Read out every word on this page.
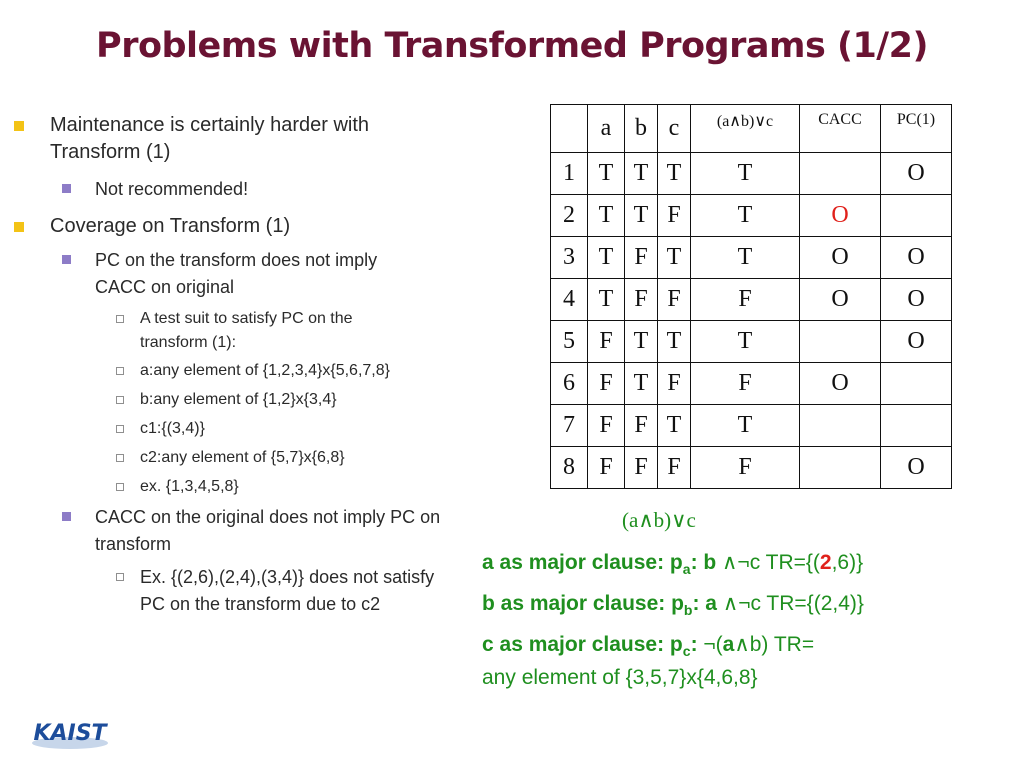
Problems with Transformed Programs (1/2)
Maintenance is certainly harder with Transform (1)
Not recommended!
Coverage on Transform (1)
PC on the transform does not imply CACC on original
A test suit to satisfy PC on the transform (1):
a:any element of {1,2,3,4}x{5,6,7,8}
b:any element of {1,2}x{3,4}
c1:{(3,4)}
c2:any element of {5,7}x{6,8}
ex. {1,3,4,5,8}
CACC on the original does not imply PC on transform
Ex. {(2,6),(2,4),(3,4)} does not satisfy PC on the transform due to c2
	a	b	c	(a∧b)∨c	CACC	PC(1)
1	T	T	T	T		O
2	T	T	F	T	O	
3	T	F	T	T	O	O
4	T	F	F	F	O	O
5	F	T	T	T		O
6	F	T	F	F	O	
7	F	F	T	T		
8	F	F	F	F		O
(a∧b)∨c
a as major clause: $p_a$: b ∧¬c TR={(2,6)}
b as major clause: $p_b$: a ∧¬c TR={(2,4)}
c as major clause: $p_c$: ¬(a∧b) TR=
any element of {3,5,7}x{4,6,8}
KAIST
